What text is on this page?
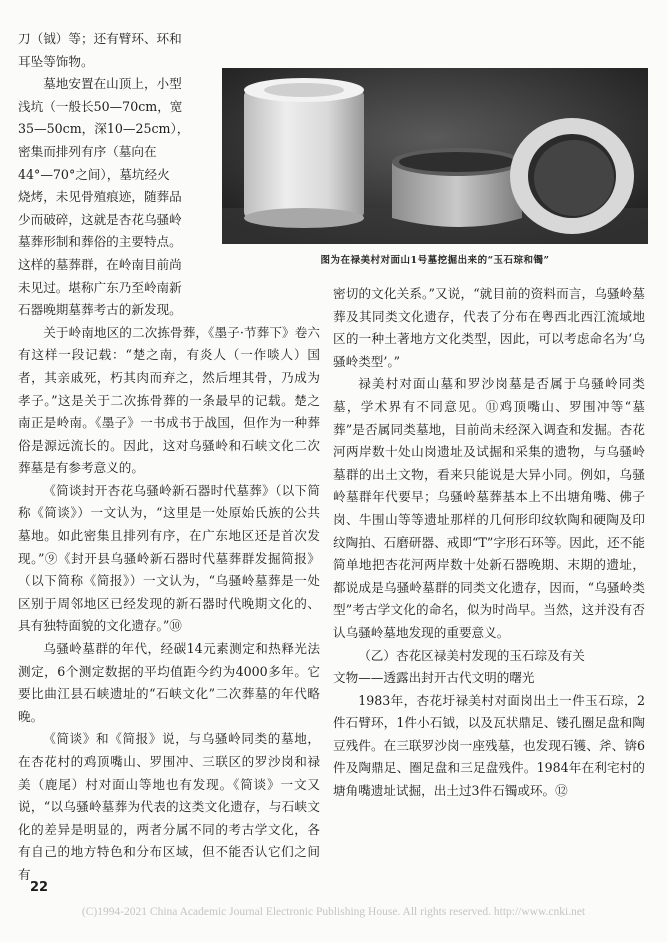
刀（钺）等；还有臂环、环和

耳坠等饰物。

墓地安置在山顶上，小型

浅坑（一般长50—70cm，宽

35—50cm，深10—25cm），

密集而排列有序（墓向在

44°—70°之间），墓坑经火

烧烤，未见骨殖痕迹，随葬品

少而破碎，这就是杏花乌骚岭

墓葬形制和葬俗的主要特点。

这样的墓葬群，在岭南目前尚

未见过。堪称广东乃至岭南新

石器晚期墓葬考古的新发现。

关于岭南地区的二次拣骨葬，《墨子·节葬下》卷六有这样一段记载：“楚之南，有炎人（一作啖人）国者，其亲戚死，朽其肉而弃之，然后埋其骨，乃成为孝子。”这是关于二次拣骨葬的一条最早的记载。楚之南正是岭南。《墨子》一书成书于战国，但作为一种葬俗是源远流长的。因此，这对乌骚岭和石峡文化二次葬墓是有参考意义的。

《简谈封开杏花乌骚岭新石器时代墓葬》（以下简称《简谈》）一文认为，“这里是一处原始氏族的公共墓地。如此密集且排列有序，在广东地区还是首次发现。”⑨《封开县乌骚岭新石器时代墓葬群发掘简报》（以下简称《简报》）一文认为，“乌骚岭墓葬是一处区别于周邻地区已经发现的新石器时代晚期文化的、具有独特面貌的文化遗存。”⑩

乌骚岭墓群的年代，经碳14元素测定和热释光法测定，6个测定数据的平均值距今约为4000多年。它要比曲江县石峡遗址的“石峡文化”二次葬墓的年代略晚。

《简谈》和《简报》说，与乌骚岭同类的墓地，在杏花村的鸡顶嘴山、罗围冲、三联区的罗沙岗和禄美（鹿尾）村对面山等地也有发现。《简谈》一文又说，“以乌骚岭墓葬为代表的这类文化遗存，与石峡文化的差异是明显的，两者分属不同的考古学文化，各有自己的地方特色和分布区域，但不能否认它们之间有

图为在禄美村对面山1号墓挖掘出来的“玉石琮和镯”

密切的文化关系。”又说，“就目前的资料而言，乌骚岭墓葬及其同类文化遗存，代表了分布在粤西北西江流域地区的一种土著地方文化类型，因此，可以考虑命名为‘乌骚岭类型’。”

禄美村对面山墓和罗沙岗墓是否属于乌骚岭同类墓，学术界有不同意见。⑪鸡顶嘴山、罗围冲等“墓葬”是否属同类墓地，目前尚未经深入调查和发掘。杏花河两岸数十处山岗遗址及试掘和采集的遗物，与乌骚岭墓群的出土文物，看来只能说是大异小同。例如，乌骚岭墓群年代要早；乌骚岭墓葬基本上不出塘角嘴、佛子岗、牛围山等等遗址那样的几何形印纹软陶和硬陶及印纹陶拍、石磨研器、戒即“T”字形石环等。因此，还不能简单地把杏花河两岸数十处新石器晚期、末期的遗址，都说成是乌骚岭墓群的同类文化遗存，因而，“乌骚岭类型”考古学文化的命名，似为时尚早。当然，这并没有否认乌骚岭墓地发现的重要意义。

（乙）杏花区禄美村发现的玉石琮及有关

文物——透露出封开古代文明的曙光

1983年，杏花圩禄美村对面岗出土一件玉石琮，2件石臂环，1件小石钺，以及瓦状鼎足、镂孔圈足盘和陶豆残件。在三联罗沙岗一座残墓，也发现石镬、斧、锛6件及陶鼎足、圈足盘和三足盘残件。1984年在利宅村的塘角嘴遗址试掘，出土过3件石镯或环。⑫

22
(C)1994-2021 China Academic Journal Electronic Publishing House. All rights reserved. http://www.cnki.net
